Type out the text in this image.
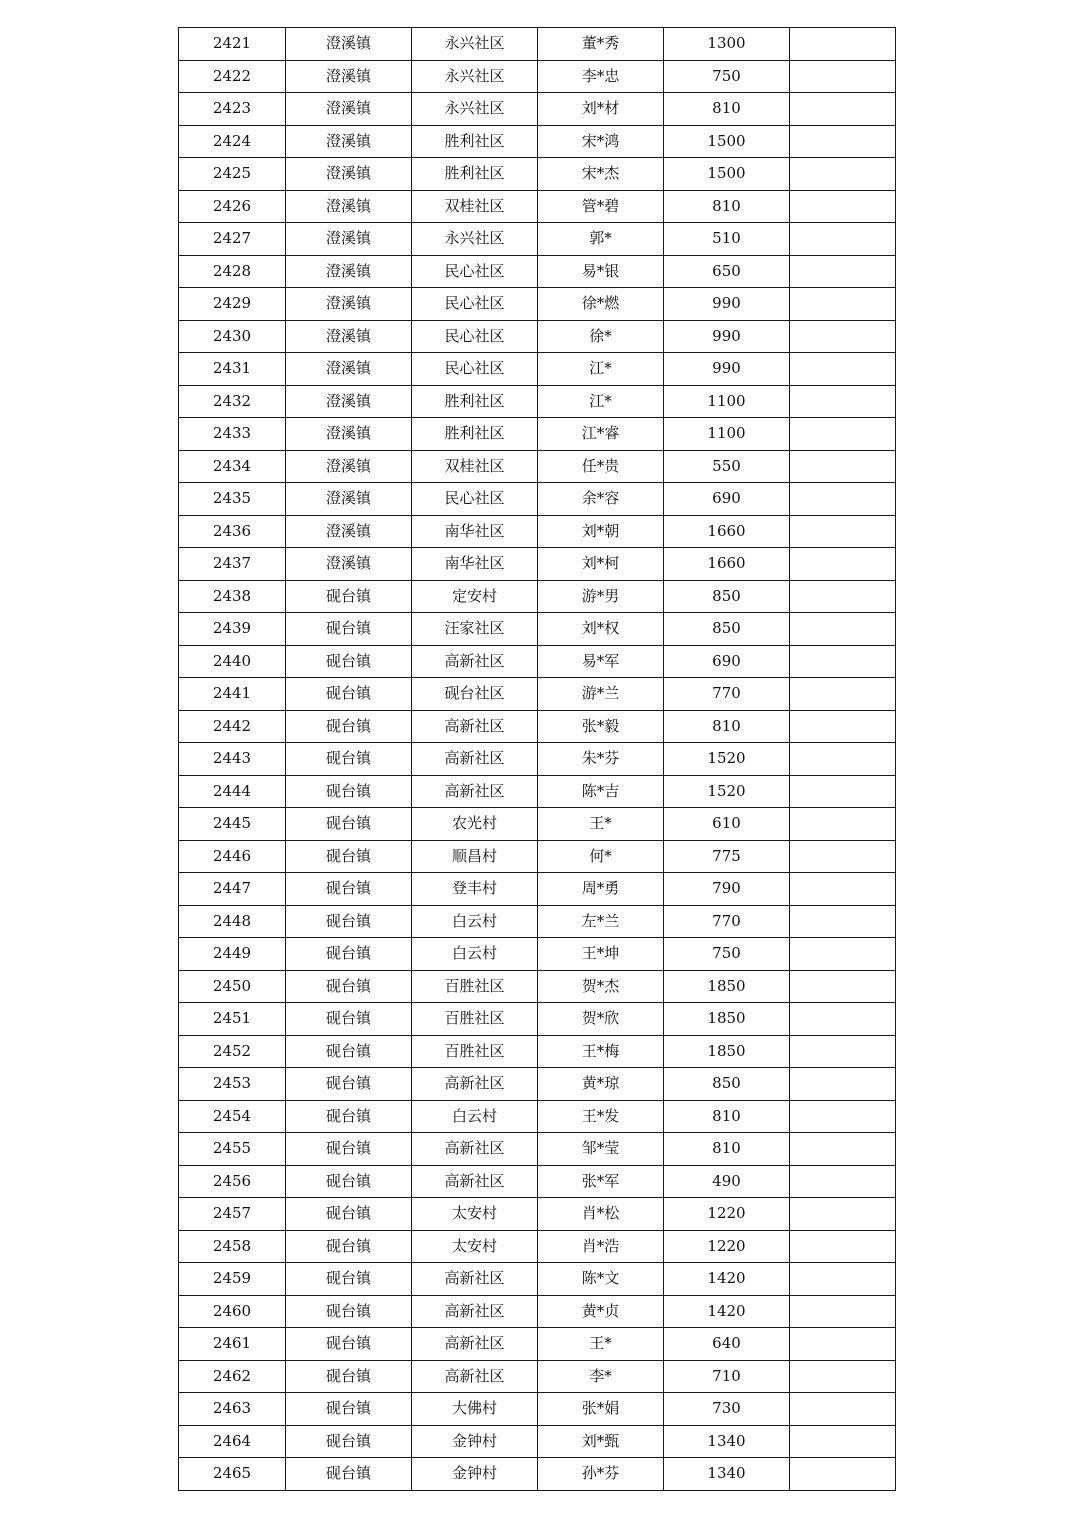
2421	澄溪镇	永兴社区	董*秀	1300	
2422	澄溪镇	永兴社区	李*忠	750	
2423	澄溪镇	永兴社区	刘*材	810	
2424	澄溪镇	胜利社区	宋*鸿	1500	
2425	澄溪镇	胜利社区	宋*杰	1500	
2426	澄溪镇	双桂社区	管*碧	810	
2427	澄溪镇	永兴社区	郭*	510	
2428	澄溪镇	民心社区	易*银	650	
2429	澄溪镇	民心社区	徐*燃	990	
2430	澄溪镇	民心社区	徐*	990	
2431	澄溪镇	民心社区	江*	990	
2432	澄溪镇	胜利社区	江*	1100	
2433	澄溪镇	胜利社区	江*睿	1100	
2434	澄溪镇	双桂社区	任*贵	550	
2435	澄溪镇	民心社区	余*容	690	
2436	澄溪镇	南华社区	刘*朝	1660	
2437	澄溪镇	南华社区	刘*柯	1660	
2438	砚台镇	定安村	游*男	850	
2439	砚台镇	汪家社区	刘*权	850	
2440	砚台镇	高新社区	易*军	690	
2441	砚台镇	砚台社区	游*兰	770	
2442	砚台镇	高新社区	张*毅	810	
2443	砚台镇	高新社区	朱*芬	1520	
2444	砚台镇	高新社区	陈*吉	1520	
2445	砚台镇	农光村	王*	610	
2446	砚台镇	顺昌村	何*	775	
2447	砚台镇	登丰村	周*勇	790	
2448	砚台镇	白云村	左*兰	770	
2449	砚台镇	白云村	王*坤	750	
2450	砚台镇	百胜社区	贺*杰	1850	
2451	砚台镇	百胜社区	贺*欣	1850	
2452	砚台镇	百胜社区	王*梅	1850	
2453	砚台镇	高新社区	黄*琼	850	
2454	砚台镇	白云村	王*发	810	
2455	砚台镇	高新社区	邹*莹	810	
2456	砚台镇	高新社区	张*军	490	
2457	砚台镇	太安村	肖*松	1220	
2458	砚台镇	太安村	肖*浩	1220	
2459	砚台镇	高新社区	陈*文	1420	
2460	砚台镇	高新社区	黄*贞	1420	
2461	砚台镇	高新社区	王*	640	
2462	砚台镇	高新社区	李*	710	
2463	砚台镇	大佛村	张*娟	730	
2464	砚台镇	金钟村	刘*甄	1340	
2465	砚台镇	金钟村	孙*芬	1340	
